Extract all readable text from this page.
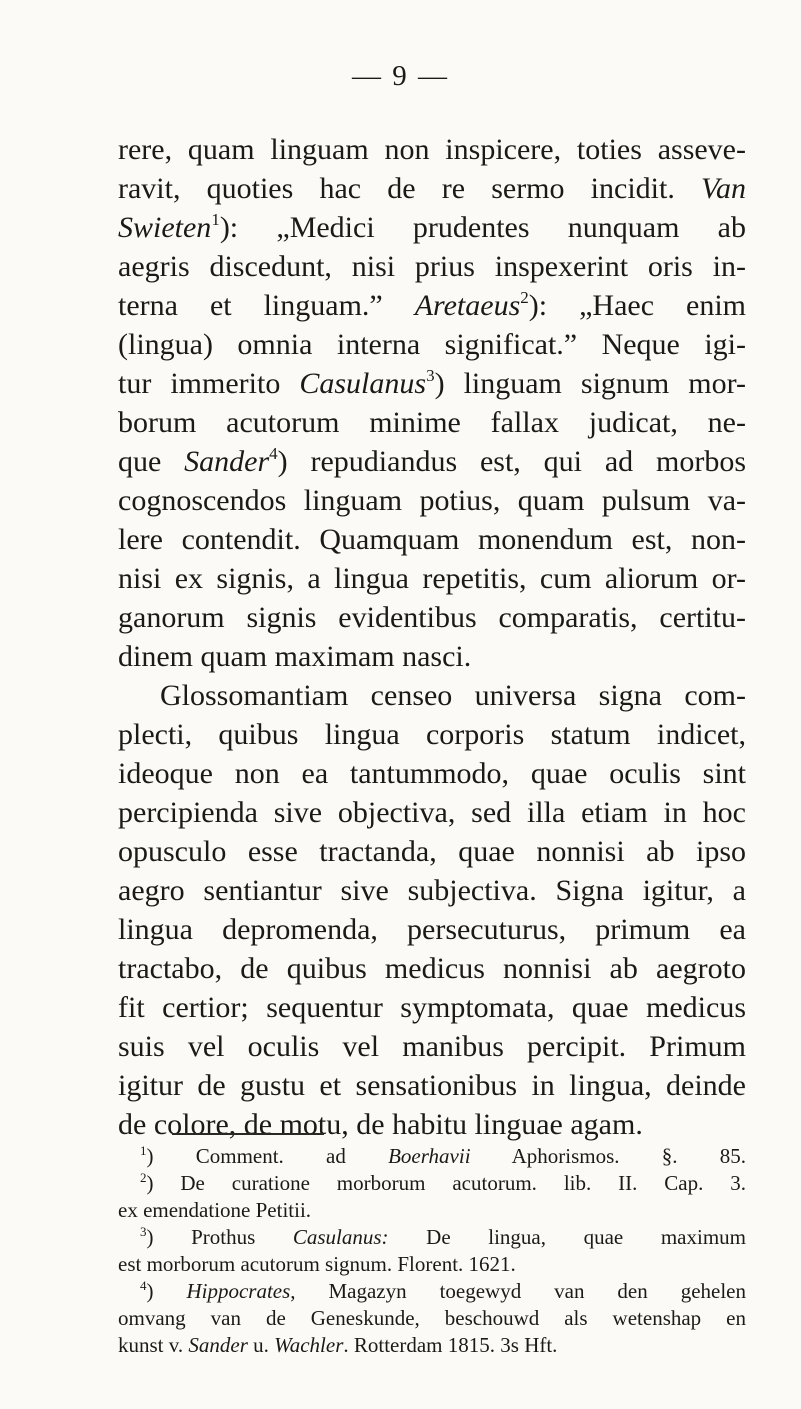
— 9 —
rere, quam linguam non inspicere, toties asseve-
ravit, quoties hac de re sermo incidit. Van
Swieten$^1$): „Medici prudentes nunquam ab
aegris discedunt, nisi prius inspexerint oris in-
terna et linguam.” Aretaeus$^2$): „Haec enim
(lingua) omnia interna significat.” Neque igi-
tur immerito Casulanus$^3$) linguam signum mor-
borum acutorum minime fallax judicat, ne-
que Sander$^4$) repudiandus est, qui ad morbos
cognoscendos linguam potius, quam pulsum va-
lere contendit. Quamquam monendum est, non-
nisi ex signis, a lingua repetitis, cum aliorum or-
ganorum signis evidentibus comparatis, certitu-
dinem quam maximam nasci.
Glossomantiam censeo universa signa com-
plecti, quibus lingua corporis statum indicet,
ideoque non ea tantummodo, quae oculis sint
percipienda sive objectiva, sed illa etiam in hoc
opusculo esse tractanda, quae nonnisi ab ipso
aegro sentiantur sive subjectiva. Signa igitur, a
lingua depromenda, persecuturus, primum ea
tractabo, de quibus medicus nonnisi ab aegroto
fit certior; sequentur symptomata, quae medicus
suis vel oculis vel manibus percipit. Primum
igitur de gustu et sensationibus in lingua, deinde
de colore, de motu, de habitu linguae agam.
$^1$) Comment. ad Boerhavii Aphorismos. §. 85.
$^2$) De curatione morborum acutorum. lib. II. Cap. 3.
ex emendatione Petitii.
$^3$) Prothus Casulanus: De lingua, quae maximum
est morborum acutorum signum. Florent. 1621.
$^4$) Hippocrates, Magazyn toegewyd van den gehelen
omvang van de Geneskunde, beschouwd als wetenshap en
kunst v. Sander u. Wachler. Rotterdam 1815. 3s Hft.
